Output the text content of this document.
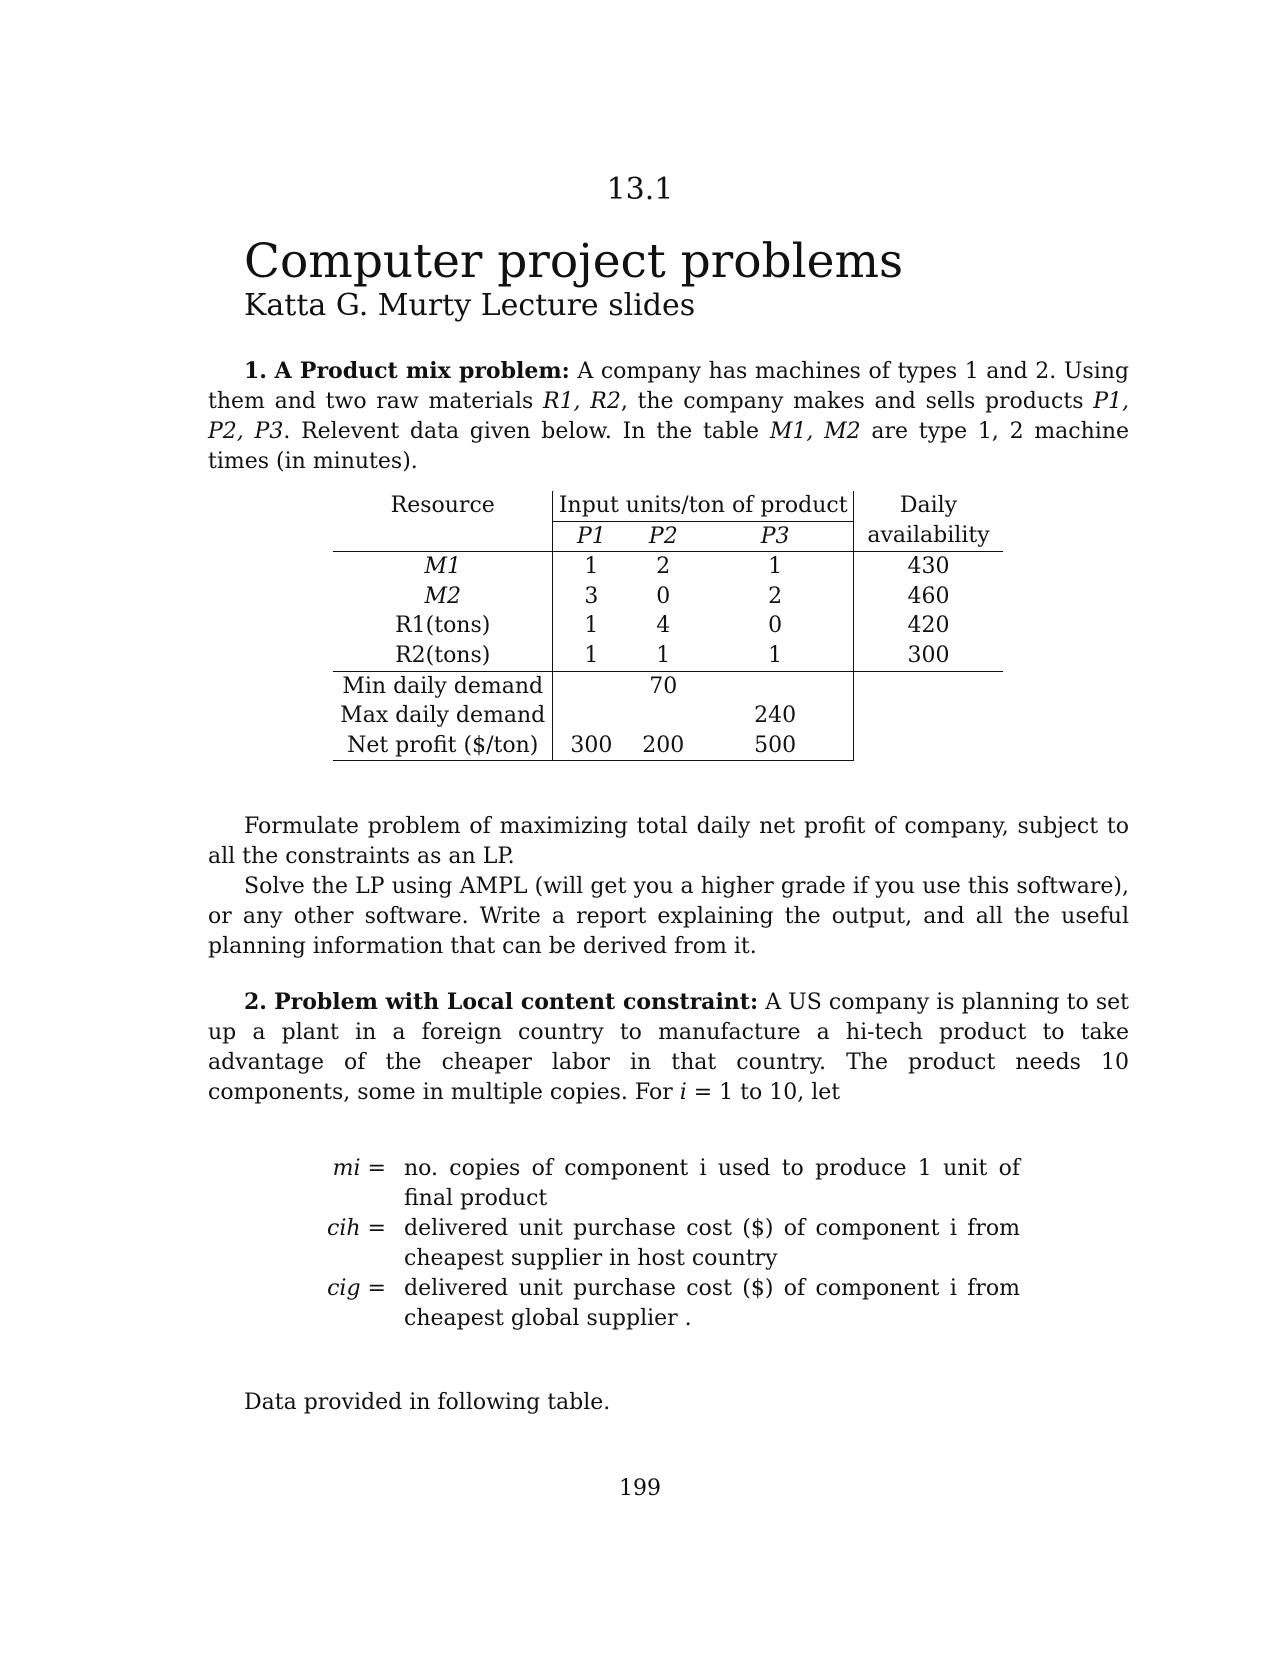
13.1
Computer project problems
Katta G. Murty Lecture slides
1. A Product mix problem: A company has machines of types 1 and 2. Using them and two raw materials R1, R2, the company makes and sells products P1, P2, P3. Relevent data given below. In the table M1, M2 are type 1, 2 machine times (in minutes).
Resource	Input units/ton of product			Daily
	P1	P2	P3	availability
M1	1	2	1	430
M2	3	0	2	460
R1(tons)	1	4	0	420
R2(tons)	1	1	1	300
Min daily demand		70		
Max daily demand			240	
Net profit ($/ton)	300	200	500	
Formulate problem of maximizing total daily net profit of company, subject to all the constraints as an LP.
Solve the LP using AMPL (will get you a higher grade if you use this software), or any other software. Write a report explaining the output, and all the useful planning information that can be derived from it.
2. Problem with Local content constraint: A US company is planning to set up a plant in a foreign country to manufacture a hi-tech product to take advantage of the cheaper labor in that country. The product needs 10 components, some in multiple copies. For i = 1 to 10, let
mi = no. copies of component i used to produce 1 unit of final product
cih = delivered unit purchase cost ($) of component i from cheapest supplier in host country
cig = delivered unit purchase cost ($) of component i from cheapest global supplier .
Data provided in following table.
199
